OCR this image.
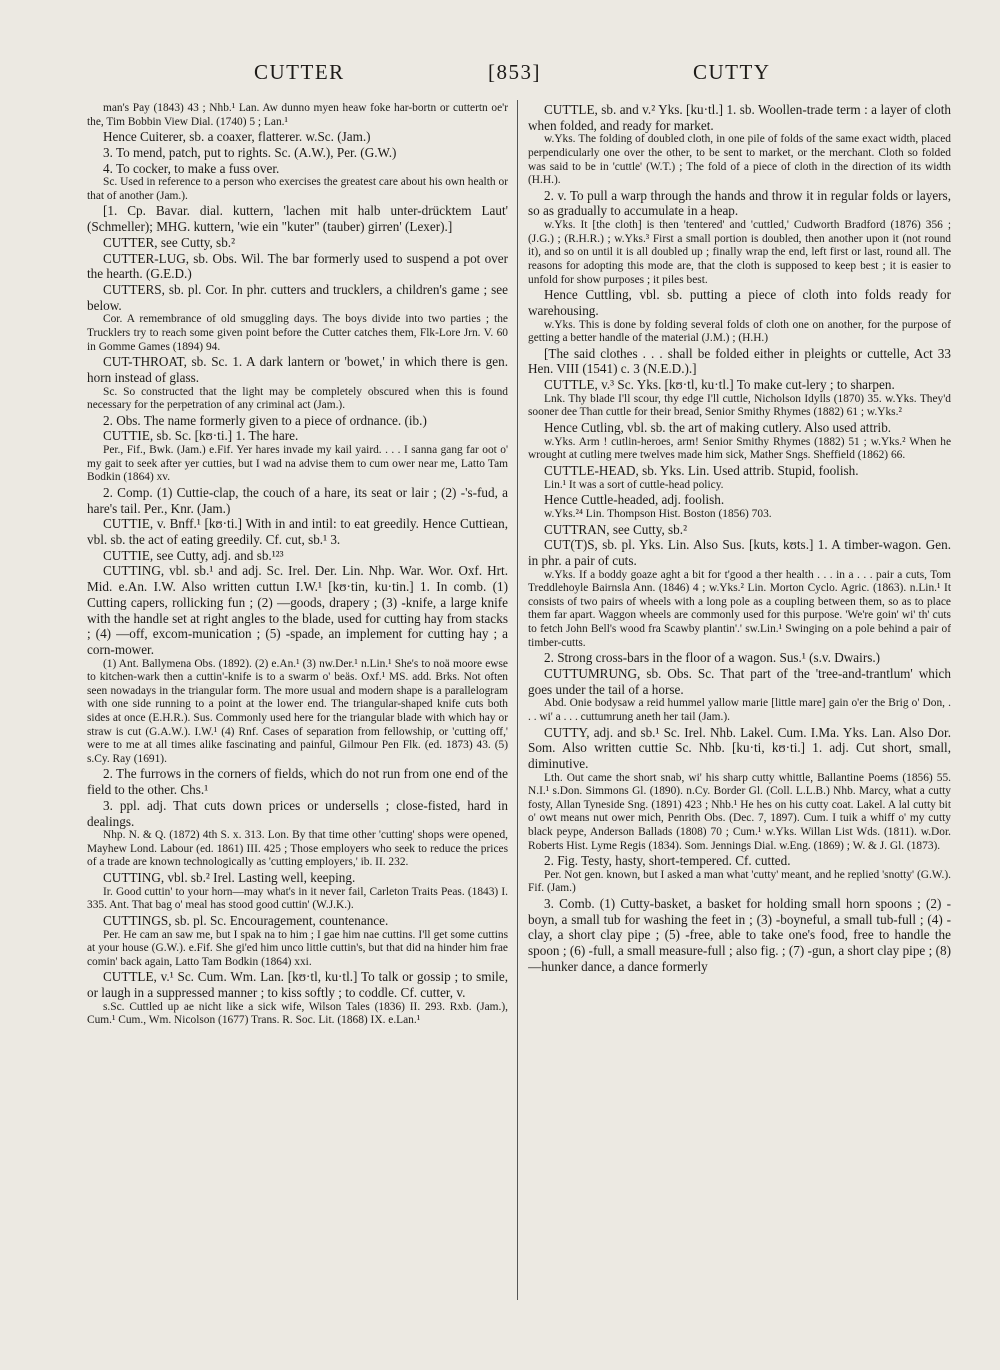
CUTTER	[853]	CUTTY

man's Pay (1843) 43 ; Nhb.¹ Lan. Aw dunno myen heaw foke har-bortn or cuttertn oe'r the, Tim Bobbin View Dial. (1740) 5 ; Lan.¹

Hence Cuiterer, sb. a coaxer, flatterer. w.Sc. (Jam.)

3. To mend, patch, put to rights. Sc. (A.W.), Per. (G.W.)

4. To cocker, to make a fuss over.

Sc. Used in reference to a person who exercises the greatest care about his own health or that of another (Jam.).

[1. Cp. Bavar. dial. kuttern, 'lachen mit halb unter-drücktem Laut' (Schmeller); MHG. kuttern, 'wie ein "kuter" (tauber) girren' (Lexer).]

CUTTER, see Cutty, sb.²

CUTTER-LUG, sb. Obs. Wil. The bar formerly used to suspend a pot over the hearth. (G.E.D.)

CUTTERS, sb. pl. Cor. In phr. cutters and trucklers, a children's game ; see below.

Cor. A remembrance of old smuggling days. The boys divide into two parties ; the Trucklers try to reach some given point before the Cutter catches them, Flk-Lore Jrn. V. 60 in Gomme Games (1894) 94.

CUT-THROAT, sb. Sc. 1. A dark lantern or 'bowet,' in which there is gen. horn instead of glass.

Sc. So constructed that the light may be completely obscured when this is found necessary for the perpetration of any criminal act (Jam.).

2. Obs. The name formerly given to a piece of ordnance. (ib.)

CUTTIE, sb. Sc. [kʊ·ti.] 1. The hare.

Per., Fif., Bwk. (Jam.) e.Fif. Yer hares invade my kail yaird. . . . I sanna gang far oot o' my gait to seek after yer cutties, but I wad na advise them to cum ower near me, Latto Tam Bodkin (1864) xv.

2. Comp. (1) Cuttie-clap, the couch of a hare, its seat or lair ; (2) -'s-fud, a hare's tail. Per., Knr. (Jam.)

CUTTIE, v. Bnff.¹ [kʊ·ti.] With in and intil: to eat greedily. Hence Cuttiean, vbl. sb. the act of eating greedily. Cf. cut, sb.¹ 3.

CUTTIE, see Cutty, adj. and sb.¹²³

CUTTING, vbl. sb.¹ and adj. Sc. Irel. Der. Lin. Nhp. War. Wor. Oxf. Hrt. Mid. e.An. I.W. Also written cuttun I.W.¹ [kʊ·tin, ku·tin.] 1. In comb. (1) Cutting capers, rollicking fun ; (2) —goods, drapery ; (3) -knife, a large knife with the handle set at right angles to the blade, used for cutting hay from stacks ; (4) —off, excom-munication ; (5) -spade, an implement for cutting hay ; a corn-mower.

(1) Ant. Ballymena Obs. (1892). (2) e.An.¹ (3) nw.Der.¹ n.Lin.¹ She's to noä moore ewse to kitchen-wark then a cuttin'-knife is to a swarm o' beäs. Oxf.¹ MS. add. Brks. Not often seen nowadays in the triangular form. The more usual and modern shape is a parallelogram with one side running to a point at the lower end. The triangular-shaped knife cuts both sides at once (E.H.R.). Sus. Commonly used here for the triangular blade with which hay or straw is cut (G.A.W.). I.W.¹ (4) Rnf. Cases of separation from fellowship, or 'cutting off,' were to me at all times alike fascinating and painful, Gilmour Pen Flk. (ed. 1873) 43. (5) s.Cy. Ray (1691).

2. The furrows in the corners of fields, which do not run from one end of the field to the other. Chs.¹

3. ppl. adj. That cuts down prices or undersells ; close-fisted, hard in dealings.

Nhp. N. & Q. (1872) 4th S. x. 313. Lon. By that time other 'cutting' shops were opened, Mayhew Lond. Labour (ed. 1861) III. 425 ; Those employers who seek to reduce the prices of a trade are known technologically as 'cutting employers,' ib. II. 232.

CUTTING, vbl. sb.² Irel. Lasting well, keeping.

Ir. Good cuttin' to your horn—may what's in it never fail, Carleton Traits Peas. (1843) I. 335. Ant. That bag o' meal has stood good cuttin' (W.J.K.).

CUTTINGS, sb. pl. Sc. Encouragement, countenance.

Per. He cam an saw me, but I spak na to him ; I gae him nae cuttins. I'll get some cuttins at your house (G.W.). e.Fif. She gi'ed him unco little cuttin's, but that did na hinder him frae comin' back again, Latto Tam Bodkin (1864) xxi.

CUTTLE, v.¹ Sc. Cum. Wm. Lan. [kʊ·tl, ku·tl.] To talk or gossip ; to smile, or laugh in a suppressed manner ; to kiss softly ; to coddle. Cf. cutter, v.

s.Sc. Cuttled up ae nicht like a sick wife, Wilson Tales (1836) II. 293. Rxb. (Jam.), Cum.¹ Cum., Wm. Nicolson (1677) Trans. R. Soc. Lit. (1868) IX. e.Lan.¹

CUTTLE, sb. and v.² Yks. [ku·tl.] 1. sb. Woollen-trade term : a layer of cloth when folded, and ready for market.

w.Yks. The folding of doubled cloth, in one pile of folds of the same exact width, placed perpendicularly one over the other, to be sent to market, or the merchant. Cloth so folded was said to be in 'cuttle' (W.T.) ; The fold of a piece of cloth in the direction of its width (H.H.).

2. v. To pull a warp through the hands and throw it in regular folds or layers, so as gradually to accumulate in a heap.

w.Yks. It [the cloth] is then 'tentered' and 'cuttled,' Cudworth Bradford (1876) 356 ; (J.G.) ; (R.H.R.) ; w.Yks.³ First a small portion is doubled, then another upon it (not round it), and so on until it is all doubled up ; finally wrap the end, left first or last, round all. The reasons for adopting this mode are, that the cloth is supposed to keep best ; it is easier to unfold for show purposes ; it piles best.

Hence Cuttling, vbl. sb. putting a piece of cloth into folds ready for warehousing.

w.Yks. This is done by folding several folds of cloth one on another, for the purpose of getting a better handle of the material (J.M.) ; (H.H.)

[The said clothes . . . shall be folded either in pleights or cuttelle, Act 33 Hen. VIII (1541) c. 3 (N.E.D.).]

CUTTLE, v.³ Sc. Yks. [kʊ·tl, ku·tl.] To make cut-lery ; to sharpen.

Lnk. Thy blade I'll scour, thy edge I'll cuttle, Nicholson Idylls (1870) 35. w.Yks. They'd sooner dee Than cuttle for their bread, Senior Smithy Rhymes (1882) 61 ; w.Yks.²

Hence Cutling, vbl. sb. the art of making cutlery. Also used attrib.

w.Yks. Arm ! cutlin-heroes, arm! Senior Smithy Rhymes (1882) 51 ; w.Yks.² When he wrought at cutling mere twelves made him sick, Mather Sngs. Sheffield (1862) 66.

CUTTLE-HEAD, sb. Yks. Lin. Used attrib. Stupid, foolish.

Lin.¹ It was a sort of cuttle-head policy.

Hence Cuttle-headed, adj. foolish.

w.Yks.²⁴ Lin. Thompson Hist. Boston (1856) 703.

CUTTRAN, see Cutty, sb.²

CUT(T)S, sb. pl. Yks. Lin. Also Sus. [kuts, kʊts.] 1. A timber-wagon. Gen. in phr. a pair of cuts.

w.Yks. If a boddy goaze aght a bit for t'good a ther health . . . in a . . . pair a cuts, Tom Treddlehoyle Bairnsla Ann. (1846) 4 ; w.Yks.² Lin. Morton Cyclo. Agric. (1863). n.Lin.¹ It consists of two pairs of wheels with a long pole as a coupling between them, so as to place them far apart. Waggon wheels are commonly used for this purpose. 'We're goin' wi' th' cuts to fetch John Bell's wood fra Scawby plantin'.' sw.Lin.¹ Swinging on a pole behind a pair of timber-cutts.

2. Strong cross-bars in the floor of a wagon. Sus.¹ (s.v. Dwairs.)

CUTTUMRUNG, sb. Obs. Sc. That part of the 'tree-and-trantlum' which goes under the tail of a horse.

Abd. Onie bodysaw a reid hummel yallow marie [little mare] gain o'er the Brig o' Don, . . . wi' a . . . cuttumrung aneth her tail (Jam.).

CUTTY, adj. and sb.¹ Sc. Irel. Nhb. Lakel. Cum. I.Ma. Yks. Lan. Also Dor. Som. Also written cuttie Sc. Nhb. [ku·ti, kʊ·ti.] 1. adj. Cut short, small, diminutive.

Lth. Out came the short snab, wi' his sharp cutty whittle, Ballantine Poems (1856) 55. N.I.¹ s.Don. Simmons Gl. (1890). n.Cy. Border Gl. (Coll. L.L.B.) Nhb. Marcy, what a cutty fosty, Allan Tyneside Sng. (1891) 423 ; Nhb.¹ He hes on his cutty coat. Lakel. A lal cutty bit o' owt means nut ower mich, Penrith Obs. (Dec. 7, 1897). Cum. I tuik a whiff o' my cutty black peype, Anderson Ballads (1808) 70 ; Cum.¹ w.Yks. Willan List Wds. (1811). w.Dor. Roberts Hist. Lyme Regis (1834). Som. Jennings Dial. w.Eng. (1869) ; W. & J. Gl. (1873).

2. Fig. Testy, hasty, short-tempered. Cf. cutted.

Per. Not gen. known, but I asked a man what 'cutty' meant, and he replied 'snotty' (G.W.). Fif. (Jam.)

3. Comb. (1) Cutty-basket, a basket for holding small horn spoons ; (2) -boyn, a small tub for washing the feet in ; (3) -boyneful, a small tub-full ; (4) -clay, a short clay pipe ; (5) -free, able to take one's food, free to handle the spoon ; (6) -full, a small measure-full ; also fig. ; (7) -gun, a short clay pipe ; (8) —hunker dance, a dance formerly
